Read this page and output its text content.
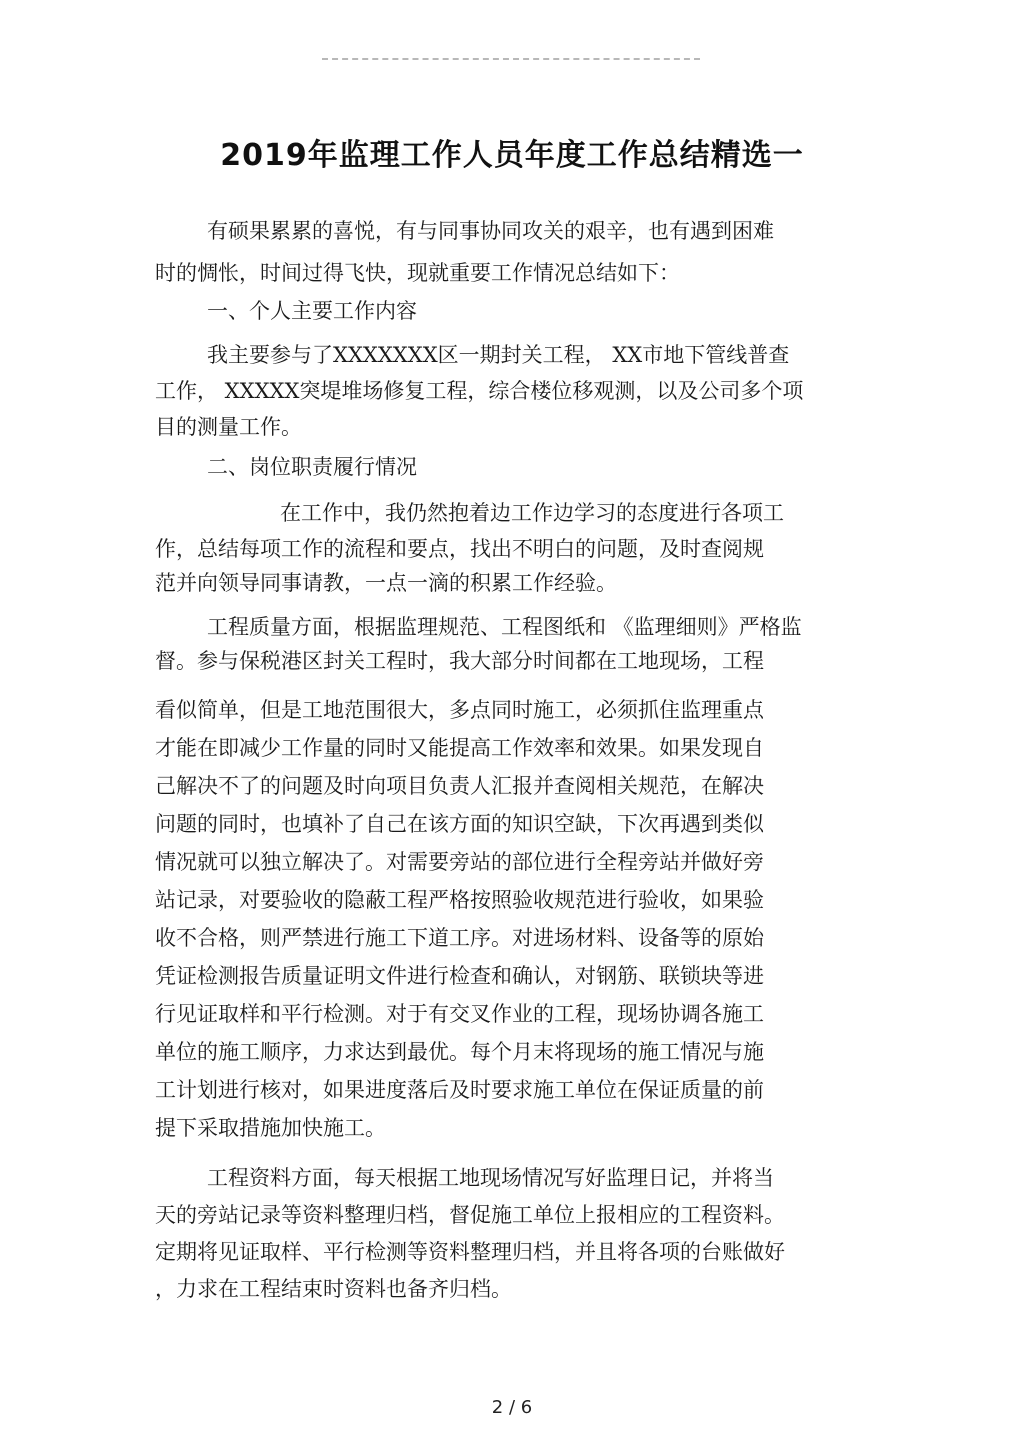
2019年监理工作人员年度工作总结精选一
有硕果累累的喜悦，有与同事协同攻关的艰辛，也有遇到困难
时的惆怅，时间过得飞快，现就重要工作情况总结如下：
一、个人主要工作内容
我主要参与了XXXXXXX区一期封关工程， XX市地下管线普查
工作， XXXXX突堤堆场修复工程，综合楼位移观测，以及公司多个项
目的测量工作。
二、岗位职责履行情况
在工作中，我仍然抱着边工作边学习的态度进行各项工
作，总结每项工作的流程和要点，找出不明白的问题，及时查阅规
范并向领导同事请教，一点一滴的积累工作经验。
工程质量方面，根据监理规范、工程图纸和 《监理细则》严格监
督。参与保税港区封关工程时，我大部分时间都在工地现场，工程
看似简单，但是工地范围很大，多点同时施工，必须抓住监理重点
才能在即减少工作量的同时又能提高工作效率和效果。如果发现自
己解决不了的问题及时向项目负责人汇报并查阅相关规范，在解决
问题的同时，也填补了自己在该方面的知识空缺，下次再遇到类似
情况就可以独立解决了。对需要旁站的部位进行全程旁站并做好旁
站记录，对要验收的隐蔽工程严格按照验收规范进行验收，如果验
收不合格，则严禁进行施工下道工序。对进场材料、设备等的原始
凭证检测报告质量证明文件进行检查和确认，对钢筋、联锁块等进
行见证取样和平行检测。对于有交叉作业的工程，现场协调各施工
单位的施工顺序，力求达到最优。每个月末将现场的施工情况与施
工计划进行核对，如果进度落后及时要求施工单位在保证质量的前
提下采取措施加快施工。
工程资料方面，每天根据工地现场情况写好监理日记，并将当
天的旁站记录等资料整理归档，督促施工单位上报相应的工程资料。
定期将见证取样、平行检测等资料整理归档，并且将各项的台账做好
，力求在工程结束时资料也备齐归档。
2 / 6
